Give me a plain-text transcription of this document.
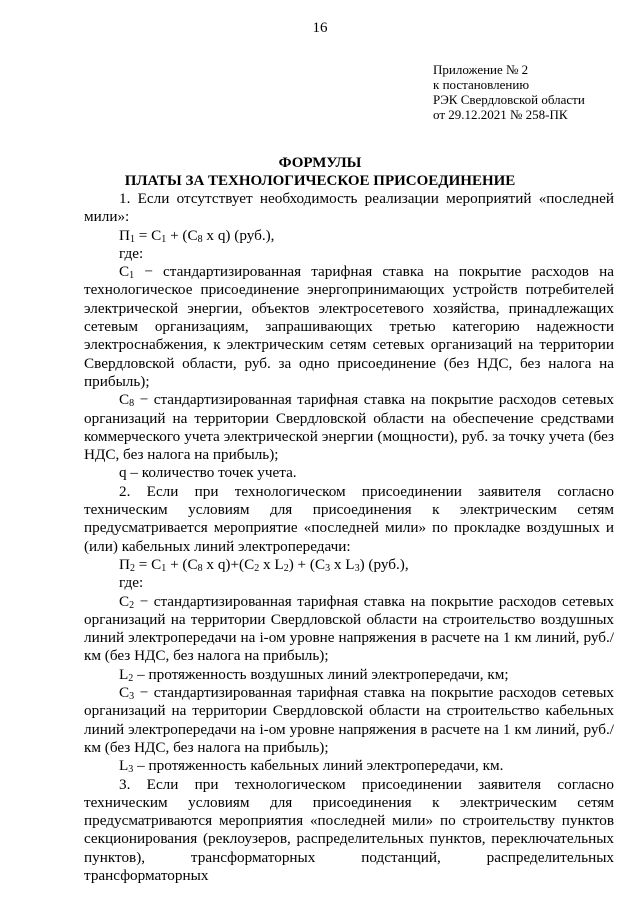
16
Приложение № 2
к постановлению
РЭК Свердловской области
от 29.12.2021 № 258-ПК
ФОРМУЛЫ
ПЛАТЫ ЗА ТЕХНОЛОГИЧЕСКОЕ ПРИСОЕДИНЕНИЕ
1. Если отсутствует необходимость реализации мероприятий «последней мили»:
$П_1 = С_1 + (С_8$ x q) (руб.),
где:
$С_1$ − стандартизированная тарифная ставка на покрытие расходов на технологическое присоединение энергопринимающих устройств потребителей электрической энергии, объектов электросетевого хозяйства, принадлежащих сетевым организациям, запрашивающих третью категорию надежности электроснабжения, к электрическим сетям сетевых организаций на территории Свердловской области, руб. за одно присоединение (без НДС, без налога на прибыль);
$С_8$ − стандартизированная тарифная ставка на покрытие расходов сетевых организаций на территории Свердловской области на обеспечение средствами коммерческого учета электрической энергии (мощности), руб. за точку учета (без НДС, без налога на прибыль);
q – количество точек учета.
2. Если при технологическом присоединении заявителя согласно техническим условиям для присоединения к электрическим сетям предусматривается мероприятие «последней мили» по прокладке воздушных и (или) кабельных линий электропередачи:
$П_2 = С_1 + (С_8$ x $q)+(С_2$ x $L_2) + (С_3$ x $L_3$) (руб.),
где:
$С_2$ − стандартизированная тарифная ставка на покрытие расходов сетевых организаций на территории Свердловской области на строительство воздушных линий электропередачи на i-ом уровне напряжения в расчете на 1 км линий, руб./км (без НДС, без налога на прибыль);
$L_2$ – протяженность воздушных линий электропередачи, км;
$С_3$ − стандартизированная тарифная ставка на покрытие расходов сетевых организаций на территории Свердловской области на строительство кабельных линий электропередачи на i-ом уровне напряжения в расчете на 1 км линий, руб./км (без НДС, без налога на прибыль);
$L_3$ – протяженность кабельных линий электропередачи, км.
3. Если при технологическом присоединении заявителя согласно техническим условиям для присоединения к электрическим сетям предусматриваются мероприятия «последней мили» по строительству пунктов секционирования (реклоузеров, распределительных пунктов, переключательных пунктов), трансформаторных подстанций, распределительных трансформаторных
